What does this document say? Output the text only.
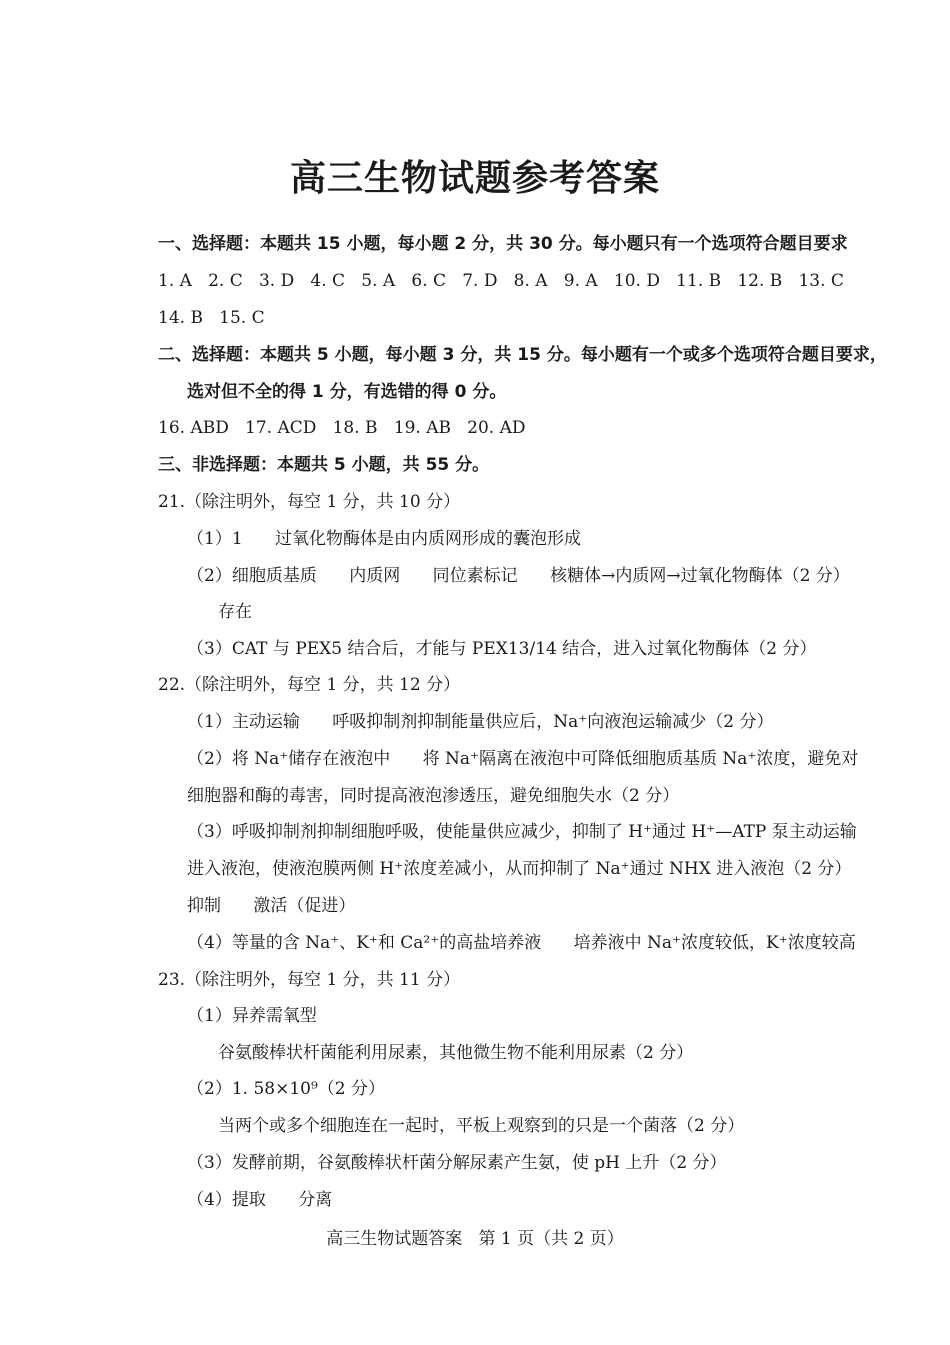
高三生物试题参考答案
一、选择题：本题共 15 小题，每小题 2 分，共 30 分。每小题只有一个选项符合题目要求
1. A   2. C   3. D   4. C   5. A   6. C   7. D   8. A   9. A   10. D   11. B   12. B   13. C
14. B   15. C
二、选择题：本题共 5 小题，每小题 3 分，共 15 分。每小题有一个或多个选项符合题目要求，
选对但不全的得 1 分，有选错的得 0 分。
16. ABD   17. ACD   18. B   19. AB   20. AD
三、非选择题：本题共 5 小题，共 55 分。
21.（除注明外，每空 1 分，共 10 分）
（1）1      过氧化物酶体是由内质网形成的囊泡形成
（2）细胞质基质      内质网      同位素标记      核糖体→内质网→过氧化物酶体（2 分）
存在
（3）CAT 与 PEX5 结合后，才能与 PEX13/14 结合，进入过氧化物酶体（2 分）
22.（除注明外，每空 1 分，共 12 分）
（1）主动运输      呼吸抑制剂抑制能量供应后，Na⁺向液泡运输减少（2 分）
（2）将 Na⁺储存在液泡中      将 Na⁺隔离在液泡中可降低细胞质基质 Na⁺浓度，避免对
细胞器和酶的毒害，同时提高液泡渗透压，避免细胞失水（2 分）
（3）呼吸抑制剂抑制细胞呼吸，使能量供应减少，抑制了 H⁺通过 H⁺—ATP 泵主动运输
进入液泡，使液泡膜两侧 H⁺浓度差减小，从而抑制了 Na⁺通过 NHX 进入液泡（2 分）
抑制      激活（促进）
（4）等量的含 Na⁺、K⁺和 Ca²⁺的高盐培养液      培养液中 Na⁺浓度较低，K⁺浓度较高
23.（除注明外，每空 1 分，共 11 分）
（1）异养需氧型
谷氨酸棒状杆菌能利用尿素，其他微生物不能利用尿素（2 分）
（2）1. 58×10⁹（2 分）
当两个或多个细胞连在一起时，平板上观察到的只是一个菌落（2 分）
（3）发酵前期，谷氨酸棒状杆菌分解尿素产生氨，使 pH 上升（2 分）
（4）提取      分离
高三生物试题答案   第 1 页（共 2 页）
